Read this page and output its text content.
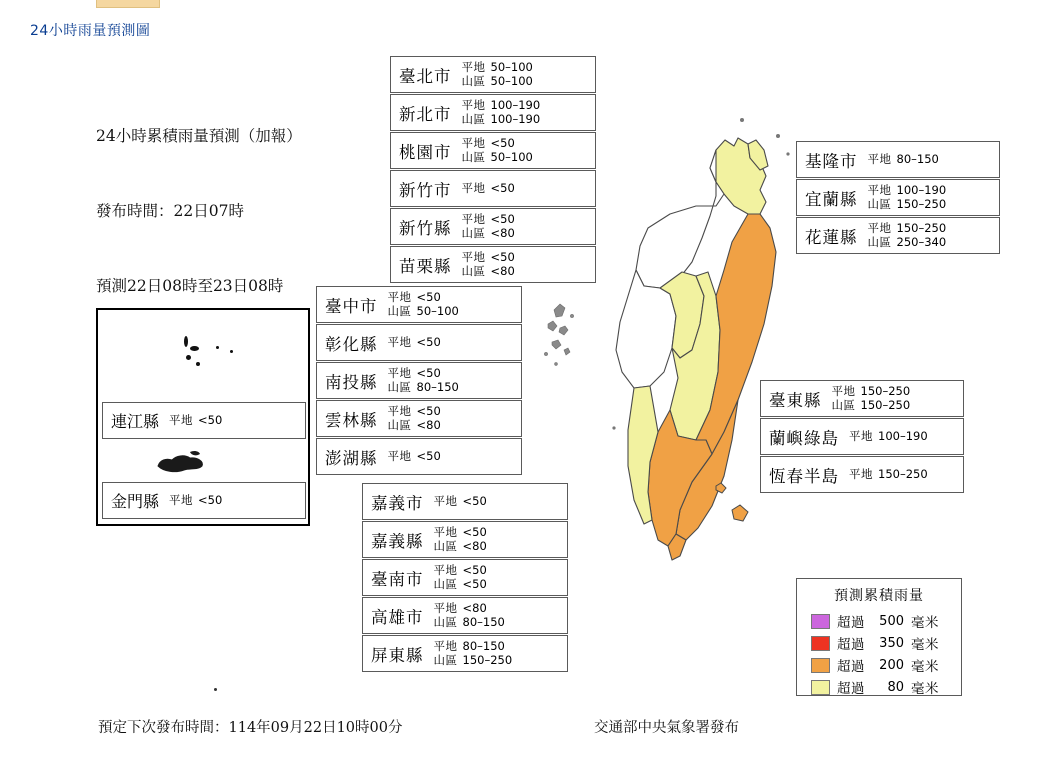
24小時雨量預測圖

24小時累積雨量預測（加報）

發布時間：22日07時

預測22日08時至23日08時

臺北市 平地 50–100
山區 50–100
新北市 平地 100–190
山區 100–190
桃園市 平地 <50
山區 50–100
新竹市 平地 <50
新竹縣 平地 <50
山區 <80
苗栗縣 平地 <50
山區 <80
臺中市 平地 <50
山區 50–100
彰化縣 平地 <50
南投縣 平地 <50
山區 80–150
雲林縣 平地 <50
山區 <80
澎湖縣 平地 <50
嘉義市 平地 <50
嘉義縣 平地 <50
山區 <80
臺南市 平地 <50
山區 <50
高雄市 平地 <80
山區 80–150
屏東縣 平地 80–150
山區 150–250
基隆市 平地 80–150
宜蘭縣 平地 100–190
山區 150–250
花蓮縣 平地 150–250
山區 250–340
臺東縣 平地 150–250
山區 150–250
蘭嶼綠島 平地 100–190
恆春半島 平地 150–250
連江縣 平地 <50
金門縣 平地 <50
預測累積雨量
超過	500 毫米
超過	350 毫米
超過	200 毫米
超過	80 毫米
預定下次發布時間：114年09月22日10時00分	交通部中央氣象署發布
